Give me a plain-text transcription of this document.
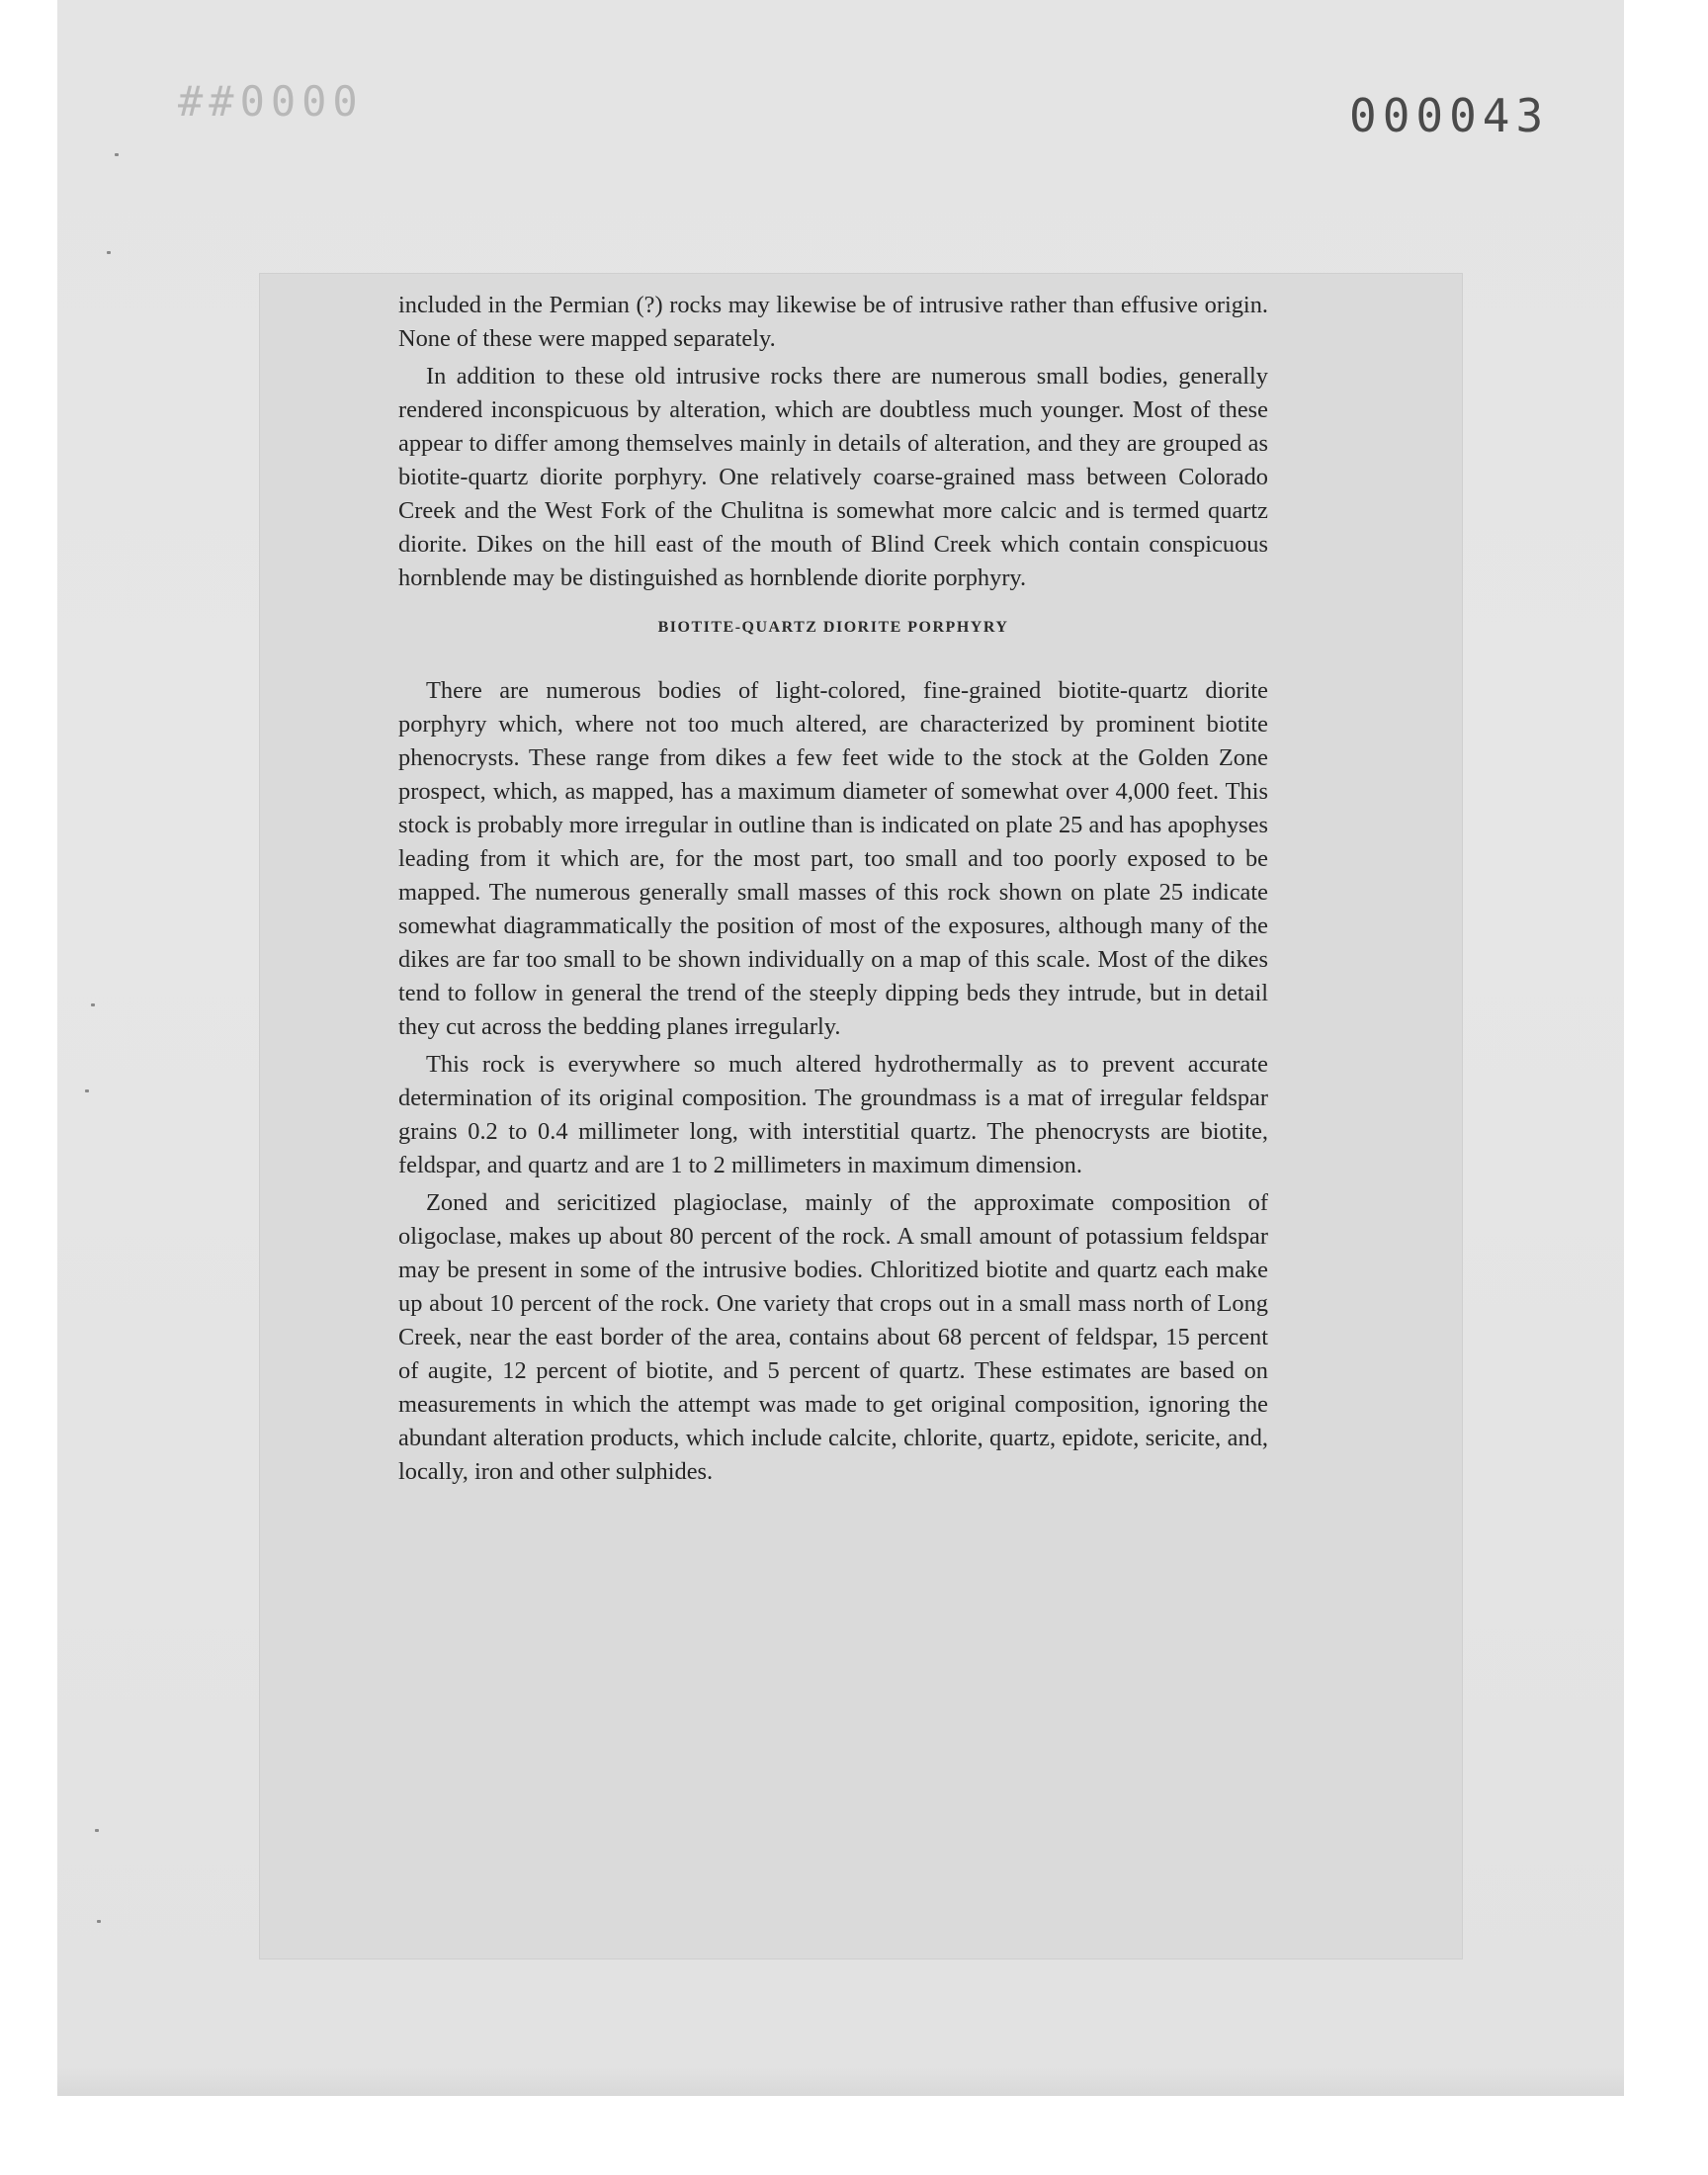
##0000	000043

included in the Permian (?) rocks may likewise be of intrusive rather than effusive origin. None of these were mapped separately.

In addition to these old intrusive rocks there are numerous small bodies, generally rendered inconspicuous by alteration, which are doubtless much younger. Most of these appear to differ among themselves mainly in details of alteration, and they are grouped as biotite-quartz diorite porphyry. One relatively coarse-grained mass between Colorado Creek and the West Fork of the Chulitna is somewhat more calcic and is termed quartz diorite. Dikes on the hill east of the mouth of Blind Creek which contain conspicuous hornblende may be distinguished as hornblende diorite porphyry.

BIOTITE-QUARTZ DIORITE PORPHYRY

There are numerous bodies of light-colored, fine-grained biotite-quartz diorite porphyry which, where not too much altered, are characterized by prominent biotite phenocrysts. These range from dikes a few feet wide to the stock at the Golden Zone prospect, which, as mapped, has a maximum diameter of somewhat over 4,000 feet. This stock is probably more irregular in outline than is indicated on plate 25 and has apophyses leading from it which are, for the most part, too small and too poorly exposed to be mapped. The numerous generally small masses of this rock shown on plate 25 indicate somewhat diagrammatically the position of most of the exposures, although many of the dikes are far too small to be shown individually on a map of this scale. Most of the dikes tend to follow in general the trend of the steeply dipping beds they intrude, but in detail they cut across the bedding planes irregularly.

This rock is everywhere so much altered hydrothermally as to prevent accurate determination of its original composition. The groundmass is a mat of irregular feldspar grains 0.2 to 0.4 millimeter long, with interstitial quartz. The phenocrysts are biotite, feldspar, and quartz and are 1 to 2 millimeters in maximum dimension.

Zoned and sericitized plagioclase, mainly of the approximate composition of oligoclase, makes up about 80 percent of the rock. A small amount of potassium feldspar may be present in some of the intrusive bodies. Chloritized biotite and quartz each make up about 10 percent of the rock. One variety that crops out in a small mass north of Long Creek, near the east border of the area, contains about 68 percent of feldspar, 15 percent of augite, 12 percent of biotite, and 5 percent of quartz. These estimates are based on measurements in which the attempt was made to get original composition, ignoring the abundant alteration products, which include calcite, chlorite, quartz, epidote, sericite, and, locally, iron and other sulphides.
